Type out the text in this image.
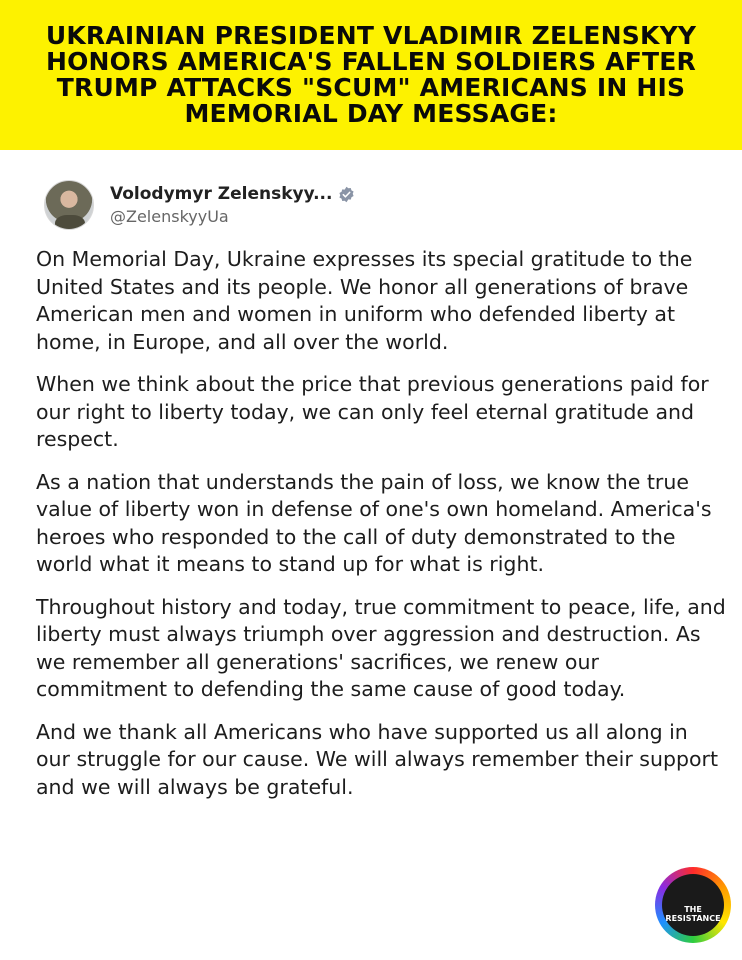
UKRAINIAN PRESIDENT VLADIMIR ZELENSKYY HONORS AMERICA'S FALLEN SOLDIERS AFTER TRUMP ATTACKS "SCUM" AMERICANS IN HIS MEMORIAL DAY MESSAGE:
Volodymyr Zelenskyy...
@ZelenskyyUa

On Memorial Day, Ukraine expresses its special gratitude to the United States and its people. We honor all generations of brave American men and women in uniform who defended liberty at home, in Europe, and all over the world.

When we think about the price that previous generations paid for our right to liberty today, we can only feel eternal gratitude and respect.

As a nation that understands the pain of loss, we know the true value of liberty won in defense of one's own homeland. America's heroes who responded to the call of duty demonstrated to the world what it means to stand up for what is right.

Throughout history and today, true commitment to peace, life, and liberty must always triumph over aggression and destruction. As we remember all generations' sacrifices, we renew our commitment to defending the same cause of good today.

And we thank all Americans who have supported us all along in our struggle for our cause. We will always remember their support and we will always be grateful.

THE
RESISTANCE
